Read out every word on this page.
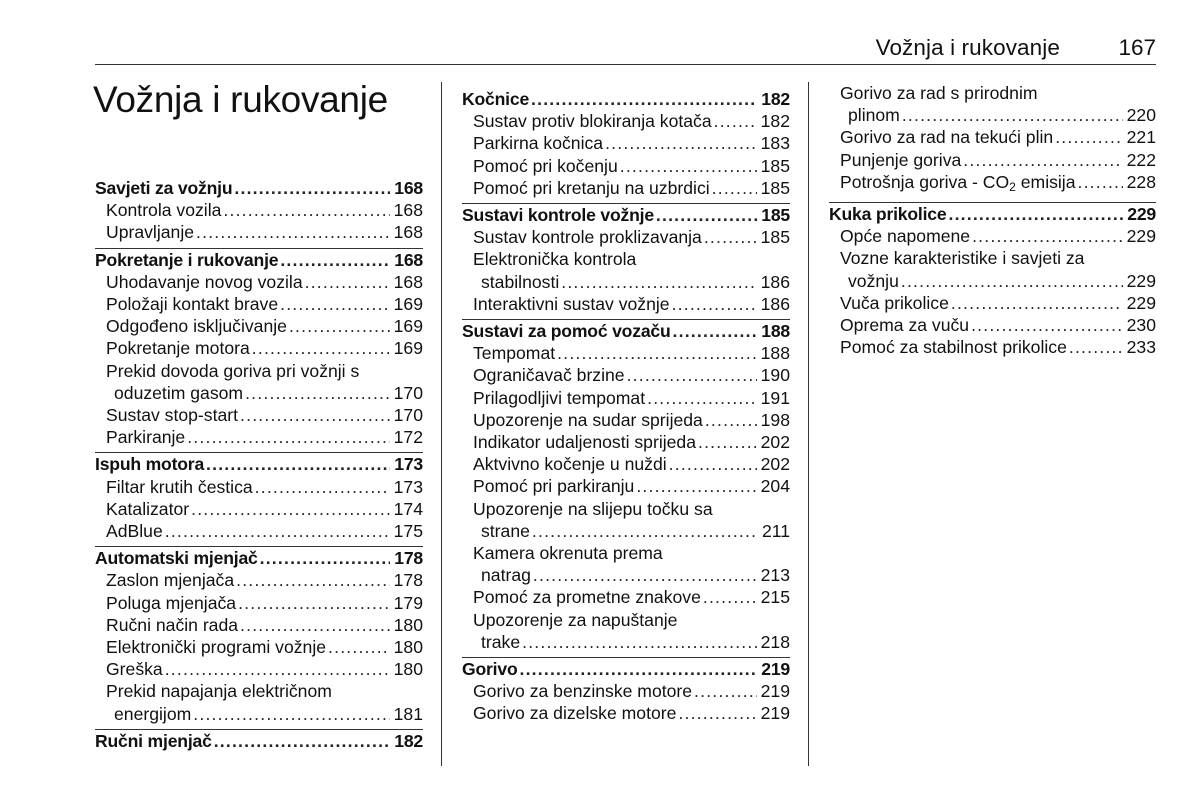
Vožnja i rukovanje	167
Vožnja i rukovanje
Savjeti za vožnju .....	168
Kontrola vozila .....	168
Upravljanje .....	168
Pokretanje i rukovanje .....	168
Uhodavanje novog vozila .....	168
Položaji kontakt brave .....	169
Odgođeno isključivanje .....	169
Pokretanje motora .....	169
Prekid dovoda goriva pri vožnji s
oduzetim gasom .....	170
Sustav stop-start .....	170
Parkiranje .....	172
Ispuh motora .....	173
Filtar krutih čestica .....	173
Katalizator .....	174
AdBlue .....	175
Automatski mjenjač .....	178
Zaslon mjenjača .....	178
Poluga mjenjača .....	179
Ručni način rada .....	180
Elektronički programi vožnje .....	180
Greška .....	180
Prekid napajanja električnom
energijom .....	181
Ručni mjenjač .....	182
Kočnice .....	182
Sustav protiv blokiranja kotača .....	182
Parkirna kočnica .....	183
Pomoć pri kočenju .....	185
Pomoć pri kretanju na uzbrdici .....	185
Sustavi kontrole vožnje .....	185
Sustav kontrole proklizavanja .....	185
Elektronička kontrola
stabilnosti .....	186
Interaktivni sustav vožnje .....	186
Sustavi za pomoć vozaču .....	188
Tempomat .....	188
Ograničavač brzine .....	190
Prilagodljivi tempomat .....	191
Upozorenje na sudar sprijeda .....	198
Indikator udaljenosti sprijeda .....	202
Aktvivno kočenje u nuždi .....	202
Pomoć pri parkiranju .....	204
Upozorenje na slijepu točku sa
strane .....	211
Kamera okrenuta prema
natrag .....	213
Pomoć za prometne znakove .....	215
Upozorenje za napuštanje
trake .....	218
Gorivo .....	219
Gorivo za benzinske motore .....	219
Gorivo za dizelske motore .....	219
Gorivo za rad s prirodnim
plinom .....	220
Gorivo za rad na tekući plin .....	221
Punjenje goriva .....	222
Potrošnja goriva - $CO_2$ emisija .....	228
Kuka prikolice .....	229
Opće napomene .....	229
Vozne karakteristike i savjeti za
vožnju .....	229
Vuča prikolice .....	229
Oprema za vuču .....	230
Pomoć za stabilnost prikolice .....	233
